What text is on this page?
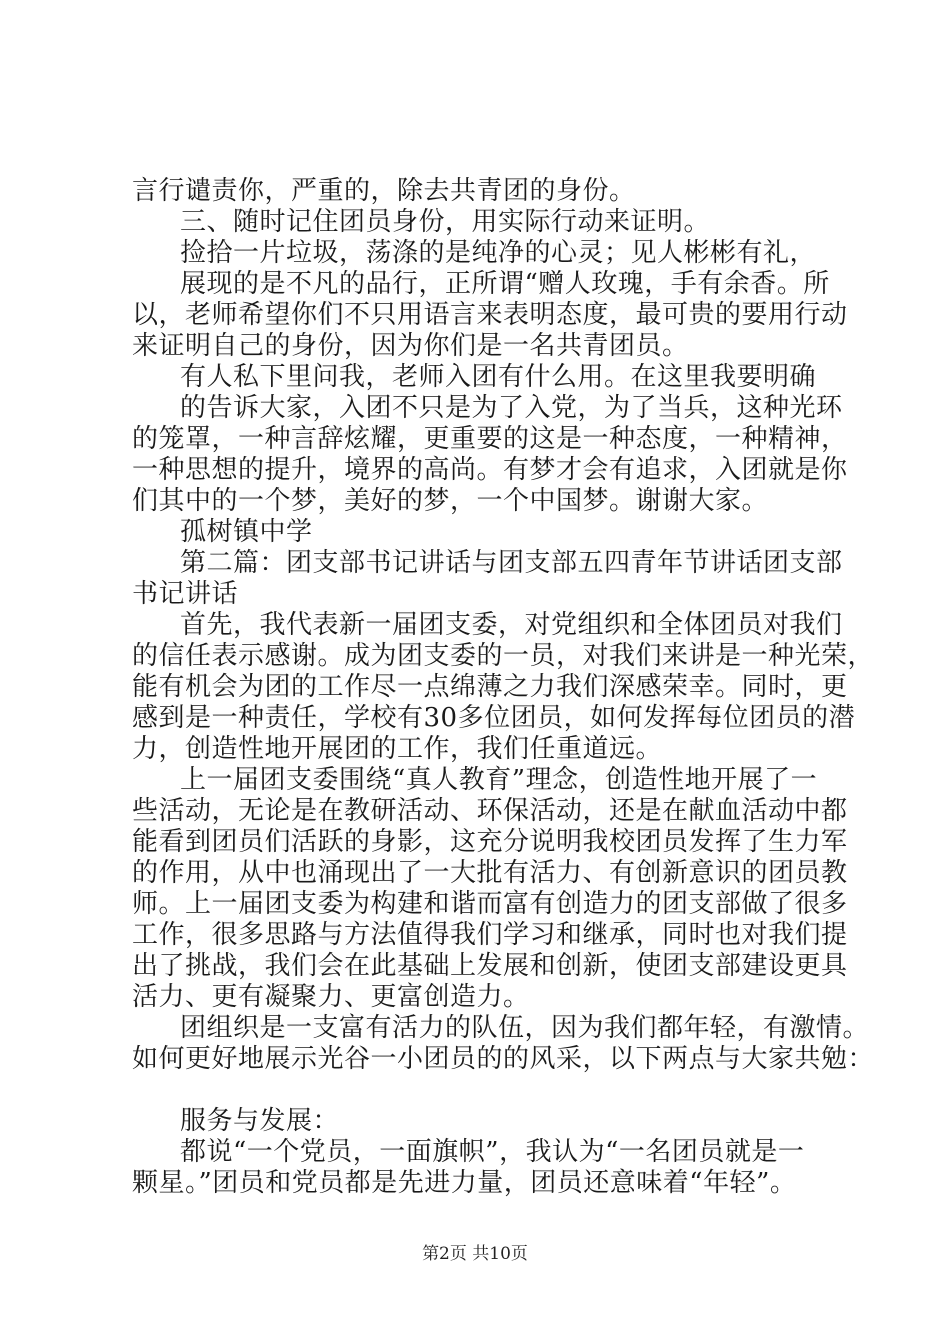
言行谴责你，严重的，除去共青团的身份。
三、随时记住团员身份，用实际行动来证明。
捡拾一片垃圾，荡涤的是纯净的心灵；见人彬彬有礼，
展现的是不凡的品行，正所谓“赠人玫瑰，手有余香。所
以，老师希望你们不只用语言来表明态度，最可贵的要用行动
来证明自己的身份，因为你们是一名共青团员。
有人私下里问我，老师入团有什么用。在这里我要明确
的告诉大家，入团不只是为了入党，为了当兵，这种光环
的笼罩，一种言辞炫耀，更重要的这是一种态度，一种精神，
一种思想的提升，境界的高尚。有梦才会有追求，入团就是你
们其中的一个梦，美好的梦，一个中国梦。谢谢大家。
孤树镇中学
第二篇：团支部书记讲话与团支部五四青年节讲话团支部
书记讲话
首先，我代表新一届团支委，对党组织和全体团员对我们
的信任表示感谢。成为团支委的一员，对我们来讲是一种光荣，
能有机会为团的工作尽一点绵薄之力我们深感荣幸。同时，更
感到是一种责任，学校有30多位团员，如何发挥每位团员的潜
力，创造性地开展团的工作，我们任重道远。
上一届团支委围绕“真人教育”理念，创造性地开展了一
些活动，无论是在教研活动、环保活动，还是在献血活动中都
能看到团员们活跃的身影，这充分说明我校团员发挥了生力军
的作用，从中也涌现出了一大批有活力、有创新意识的团员教
师。上一届团支委为构建和谐而富有创造力的团支部做了很多
工作，很多思路与方法值得我们学习和继承，同时也对我们提
出了挑战，我们会在此基础上发展和创新，使团支部建设更具
活力、更有凝聚力、更富创造力。
团组织是一支富有活力的队伍，因为我们都年轻，有激情。
如何更好地展示光谷一小团员的的风采，以下两点与大家共勉：
服务与发展：
都说“一个党员，一面旗帜”，我认为“一名团员就是一
颗星。”团员和党员都是先进力量，团员还意味着“年轻”。
第2页 共10页
